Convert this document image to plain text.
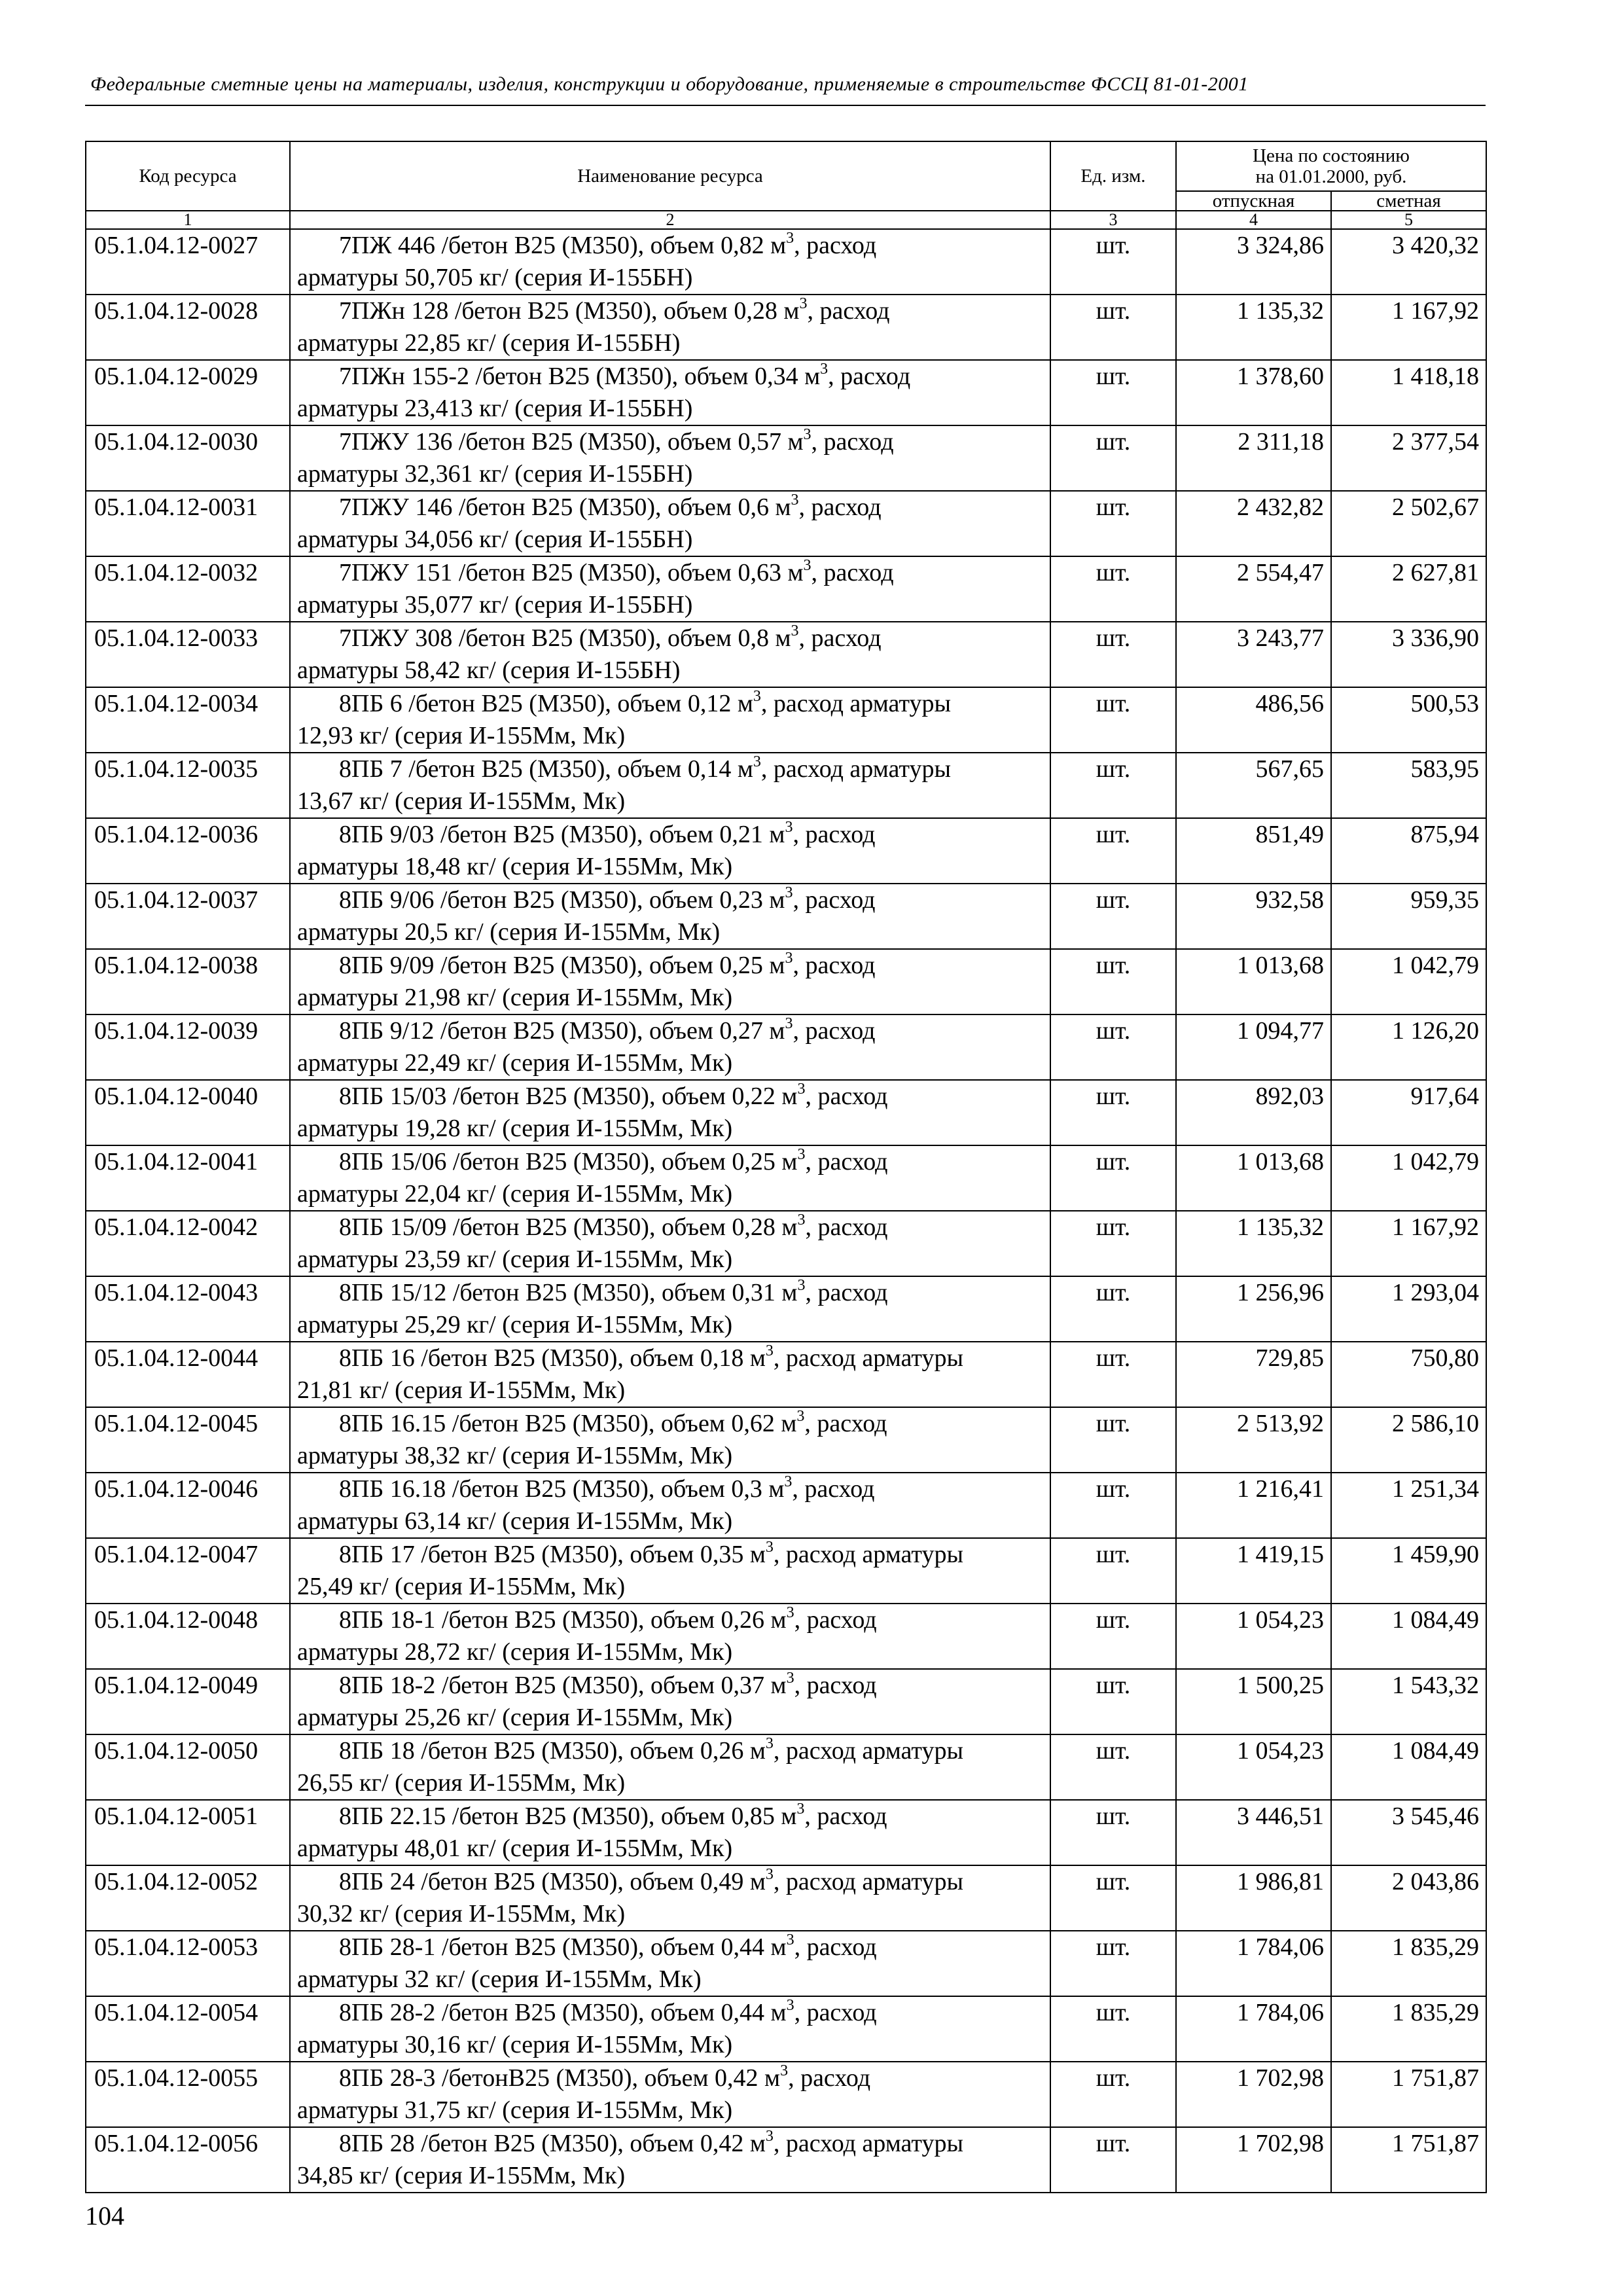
Федеральные сметные цены на материалы, изделия, конструкции и оборудование, применяемые в строительстве ФССЦ 81-01-2001
Код ресурса	Наименование ресурса	Ед. изм.	Цена по состоянию на 01.01.2000, руб.	
			отпускная	сметная
1	2	3	4	5
05.1.04.12-0027	7ПЖ 446 /бетон В25 (М350), объем 0,82 $м^3$, расход
арматуры 50,705 кг/ (серия И-155БН)	шт.	3 324,86	3 420,32
05.1.04.12-0028	7ПЖн 128 /бетон В25 (М350), объем 0,28 $м^3$, расход
арматуры 22,85 кг/ (серия И-155БН)	шт.	1 135,32	1 167,92
05.1.04.12-0029	7ПЖн 155-2 /бетон В25 (М350), объем 0,34 $м^3$, расход
арматуры 23,413 кг/ (серия И-155БН)	шт.	1 378,60	1 418,18
05.1.04.12-0030	7ПЖУ 136 /бетон В25 (М350), объем 0,57 $м^3$, расход
арматуры 32,361 кг/ (серия И-155БН)	шт.	2 311,18	2 377,54
05.1.04.12-0031	7ПЖУ 146 /бетон В25 (М350), объем 0,6 $м^3$, расход
арматуры 34,056 кг/ (серия И-155БН)	шт.	2 432,82	2 502,67
05.1.04.12-0032	7ПЖУ 151 /бетон В25 (М350), объем 0,63 $м^3$, расход
арматуры 35,077 кг/ (серия И-155БН)	шт.	2 554,47	2 627,81
05.1.04.12-0033	7ПЖУ 308 /бетон В25 (М350), объем 0,8 $м^3$, расход
арматуры 58,42 кг/ (серия И-155БН)	шт.	3 243,77	3 336,90
05.1.04.12-0034	8ПБ 6 /бетон В25 (М350), объем 0,12 $м^3$, расход арматуры
12,93 кг/ (серия И-155Мм, Мк)	шт.	486,56	500,53
05.1.04.12-0035	8ПБ 7 /бетон В25 (М350), объем 0,14 $м^3$, расход арматуры
13,67 кг/ (серия И-155Мм, Мк)	шт.	567,65	583,95
05.1.04.12-0036	8ПБ 9/03 /бетон В25 (М350), объем 0,21 $м^3$, расход
арматуры 18,48 кг/ (серия И-155Мм, Мк)	шт.	851,49	875,94
05.1.04.12-0037	8ПБ 9/06 /бетон В25 (М350), объем 0,23 $м^3$, расход
арматуры 20,5 кг/ (серия И-155Мм, Мк)	шт.	932,58	959,35
05.1.04.12-0038	8ПБ 9/09 /бетон В25 (М350), объем 0,25 $м^3$, расход
арматуры 21,98 кг/ (серия И-155Мм, Мк)	шт.	1 013,68	1 042,79
05.1.04.12-0039	8ПБ 9/12 /бетон В25 (М350), объем 0,27 $м^3$, расход
арматуры 22,49 кг/ (серия И-155Мм, Мк)	шт.	1 094,77	1 126,20
05.1.04.12-0040	8ПБ 15/03 /бетон В25 (М350), объем 0,22 $м^3$, расход
арматуры 19,28 кг/ (серия И-155Мм, Мк)	шт.	892,03	917,64
05.1.04.12-0041	8ПБ 15/06 /бетон В25 (М350), объем 0,25 $м^3$, расход
арматуры 22,04 кг/ (серия И-155Мм, Мк)	шт.	1 013,68	1 042,79
05.1.04.12-0042	8ПБ 15/09 /бетон В25 (М350), объем 0,28 $м^3$, расход
арматуры 23,59 кг/ (серия И-155Мм, Мк)	шт.	1 135,32	1 167,92
05.1.04.12-0043	8ПБ 15/12 /бетон В25 (М350), объем 0,31 $м^3$, расход
арматуры 25,29 кг/ (серия И-155Мм, Мк)	шт.	1 256,96	1 293,04
05.1.04.12-0044	8ПБ 16 /бетон В25 (М350), объем 0,18 $м^3$, расход арматуры
21,81 кг/ (серия И-155Мм, Мк)	шт.	729,85	750,80
05.1.04.12-0045	8ПБ 16.15 /бетон В25 (М350), объем 0,62 $м^3$, расход
арматуры 38,32 кг/ (серия И-155Мм, Мк)	шт.	2 513,92	2 586,10
05.1.04.12-0046	8ПБ 16.18 /бетон В25 (М350), объем 0,3 $м^3$, расход
арматуры 63,14 кг/ (серия И-155Мм, Мк)	шт.	1 216,41	1 251,34
05.1.04.12-0047	8ПБ 17 /бетон В25 (М350), объем 0,35 $м^3$, расход арматуры
25,49 кг/ (серия И-155Мм, Мк)	шт.	1 419,15	1 459,90
05.1.04.12-0048	8ПБ 18-1 /бетон В25 (М350), объем 0,26 $м^3$, расход
арматуры 28,72 кг/ (серия И-155Мм, Мк)	шт.	1 054,23	1 084,49
05.1.04.12-0049	8ПБ 18-2 /бетон В25 (М350), объем 0,37 $м^3$, расход
арматуры 25,26 кг/ (серия И-155Мм, Мк)	шт.	1 500,25	1 543,32
05.1.04.12-0050	8ПБ 18 /бетон В25 (М350), объем 0,26 $м^3$, расход арматуры
26,55 кг/ (серия И-155Мм, Мк)	шт.	1 054,23	1 084,49
05.1.04.12-0051	8ПБ 22.15 /бетон В25 (М350), объем 0,85 $м^3$, расход
арматуры 48,01 кг/ (серия И-155Мм, Мк)	шт.	3 446,51	3 545,46
05.1.04.12-0052	8ПБ 24 /бетон В25 (М350), объем 0,49 $м^3$, расход арматуры
30,32 кг/ (серия И-155Мм, Мк)	шт.	1 986,81	2 043,86
05.1.04.12-0053	8ПБ 28-1 /бетон В25 (М350), объем 0,44 $м^3$, расход
арматуры 32 кг/ (серия И-155Мм, Мк)	шт.	1 784,06	1 835,29
05.1.04.12-0054	8ПБ 28-2 /бетон В25 (М350), объем 0,44 $м^3$, расход
арматуры 30,16 кг/ (серия И-155Мм, Мк)	шт.	1 784,06	1 835,29
05.1.04.12-0055	8ПБ 28-3 /бетонВ25 (М350), объем 0,42 $м^3$, расход
арматуры 31,75 кг/ (серия И-155Мм, Мк)	шт.	1 702,98	1 751,87
05.1.04.12-0056	8ПБ 28 /бетон В25 (М350), объем 0,42 $м^3$, расход арматуры
34,85 кг/ (серия И-155Мм, Мк)	шт.	1 702,98	1 751,87
104
